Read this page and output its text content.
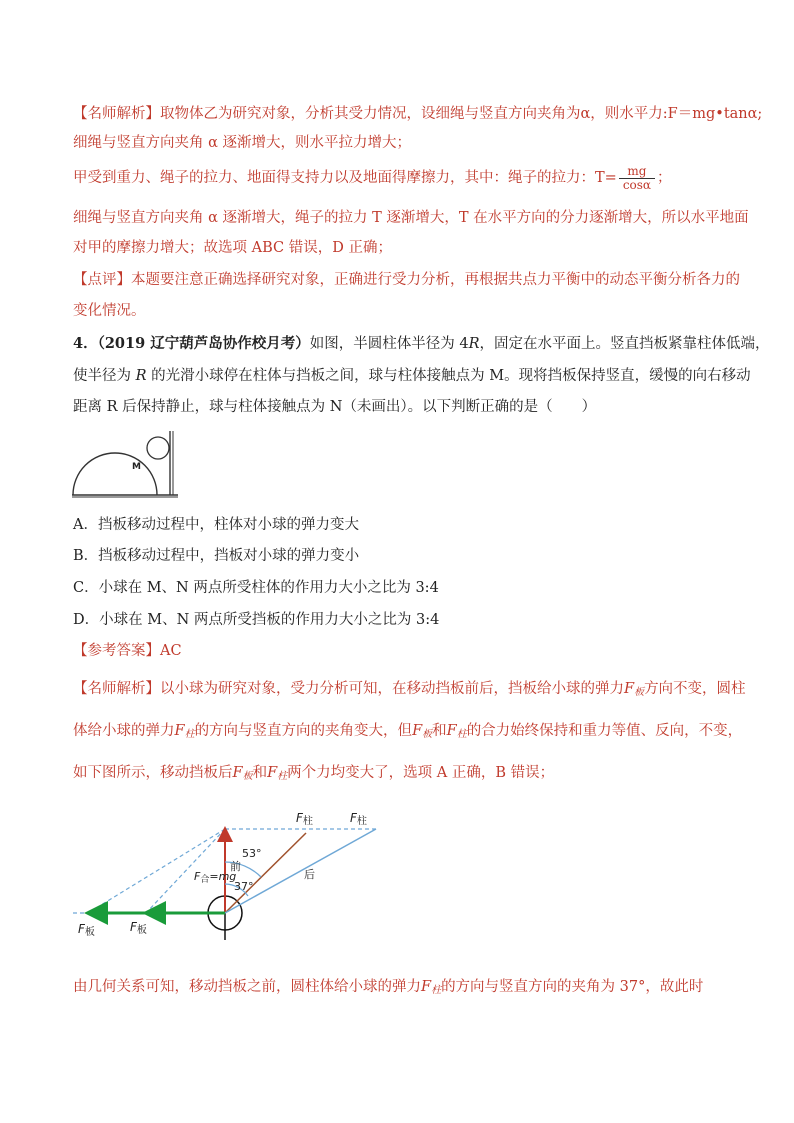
【名师解析】取物体乙为研究对象，分析其受力情况，设细绳与竖直方向夹角为α，则水平力:F＝mg•tanα;
细绳与竖直方向夹角 α 逐渐增大，则水平拉力增大；
甲受到重力、绳子的拉力、地面得支持力以及地面得摩擦力，其中：绳子的拉力：$T= \frac{mg}{\cos\alpha}$ ；
细绳与竖直方向夹角 α 逐渐增大，绳子的拉力 T 逐渐增大，T 在水平方向的分力逐渐增大，所以水平地面
对甲的摩擦力增大；故选项 ABC 错误，D 正确；
【点评】本题要注意正确选择研究对象，正确进行受力分析，再根据共点力平衡中的动态平衡分析各力的
变化情况。
4．（2019 辽宁葫芦岛协作校月考）如图，半圆柱体半径为 4R，固定在水平面上。竖直挡板紧靠柱体低端，
使半径为 R 的光滑小球停在柱体与挡板之间，球与柱体接触点为 M。现将挡板保持竖直，缓慢的向右移动
距离 R 后保持静止，球与柱体接触点为 N（未画出）。以下判断正确的是（　　）
M
A．挡板移动过程中，柱体对小球的弹力变大
B．挡板移动过程中，挡板对小球的弹力变小
C．小球在 M、N 两点所受柱体的作用力大小之比为 3:4
D．小球在 M、N 两点所受挡板的作用力大小之比为 3:4
【参考答案】AC
【名师解析】以小球为研究对象，受力分析可知，在移动挡板前后，挡板给小球的弹力$F_板$方向不变，圆柱
体给小球的弹力$F_柱$的方向与竖直方向的夹角变大，但$F_板$和$F_柱$的合力始终保持和重力等值、反向，不变，
如下图所示，移动挡板后$F_板$和$F_柱$两个力均变大了，选项 A 正确，B 错误；
F柱	F柱
53°
前
后
F合=mg
37°
F板	F板
由几何关系可知，移动挡板之前，圆柱体给小球的弹力$F_柱$的方向与竖直方向的夹角为 37°，故此时
